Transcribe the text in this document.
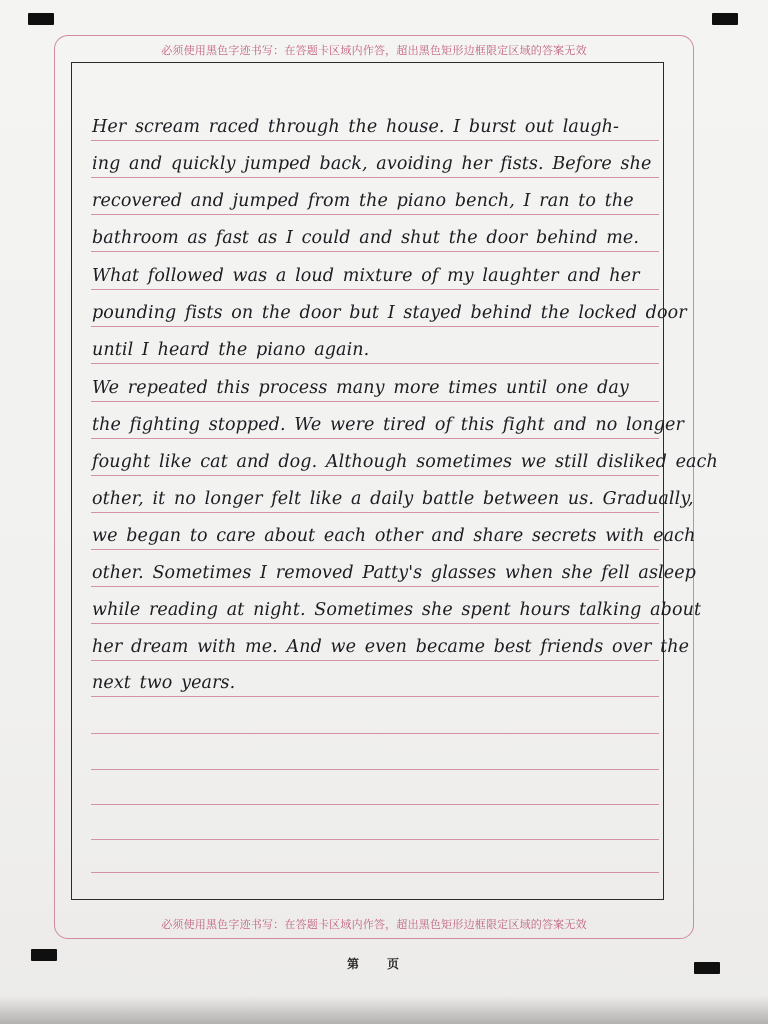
必须使用黑色字迹书写：在答题卡区域内作答，超出黑色矩形边框限定区域的答案无效
必须使用黑色字迹书写：在答题卡区域内作答，超出黑色矩形边框限定区域的答案无效
Her scream raced through the house. I burst out laugh-
ing and quickly jumped back, avoiding her fists. Before she
recovered and jumped from the piano bench, I ran to the
bathroom as fast as I could and shut the door behind me.
What followed was a loud mixture of my laughter and her
pounding fists on the door but I stayed behind the locked door
until I heard the piano again.
We repeated this process many more times until one day
the fighting stopped. We were tired of this fight and no longer
fought like cat and dog. Although sometimes we still disliked each
other, it no longer felt like a daily battle between us. Gradually,
we began to care about each other and share secrets with each
other. Sometimes I removed Patty's glasses when she fell asleep
while reading at night. Sometimes she spent hours talking about
her dream with me. And we even became best friends over the
next two years.
第 页
